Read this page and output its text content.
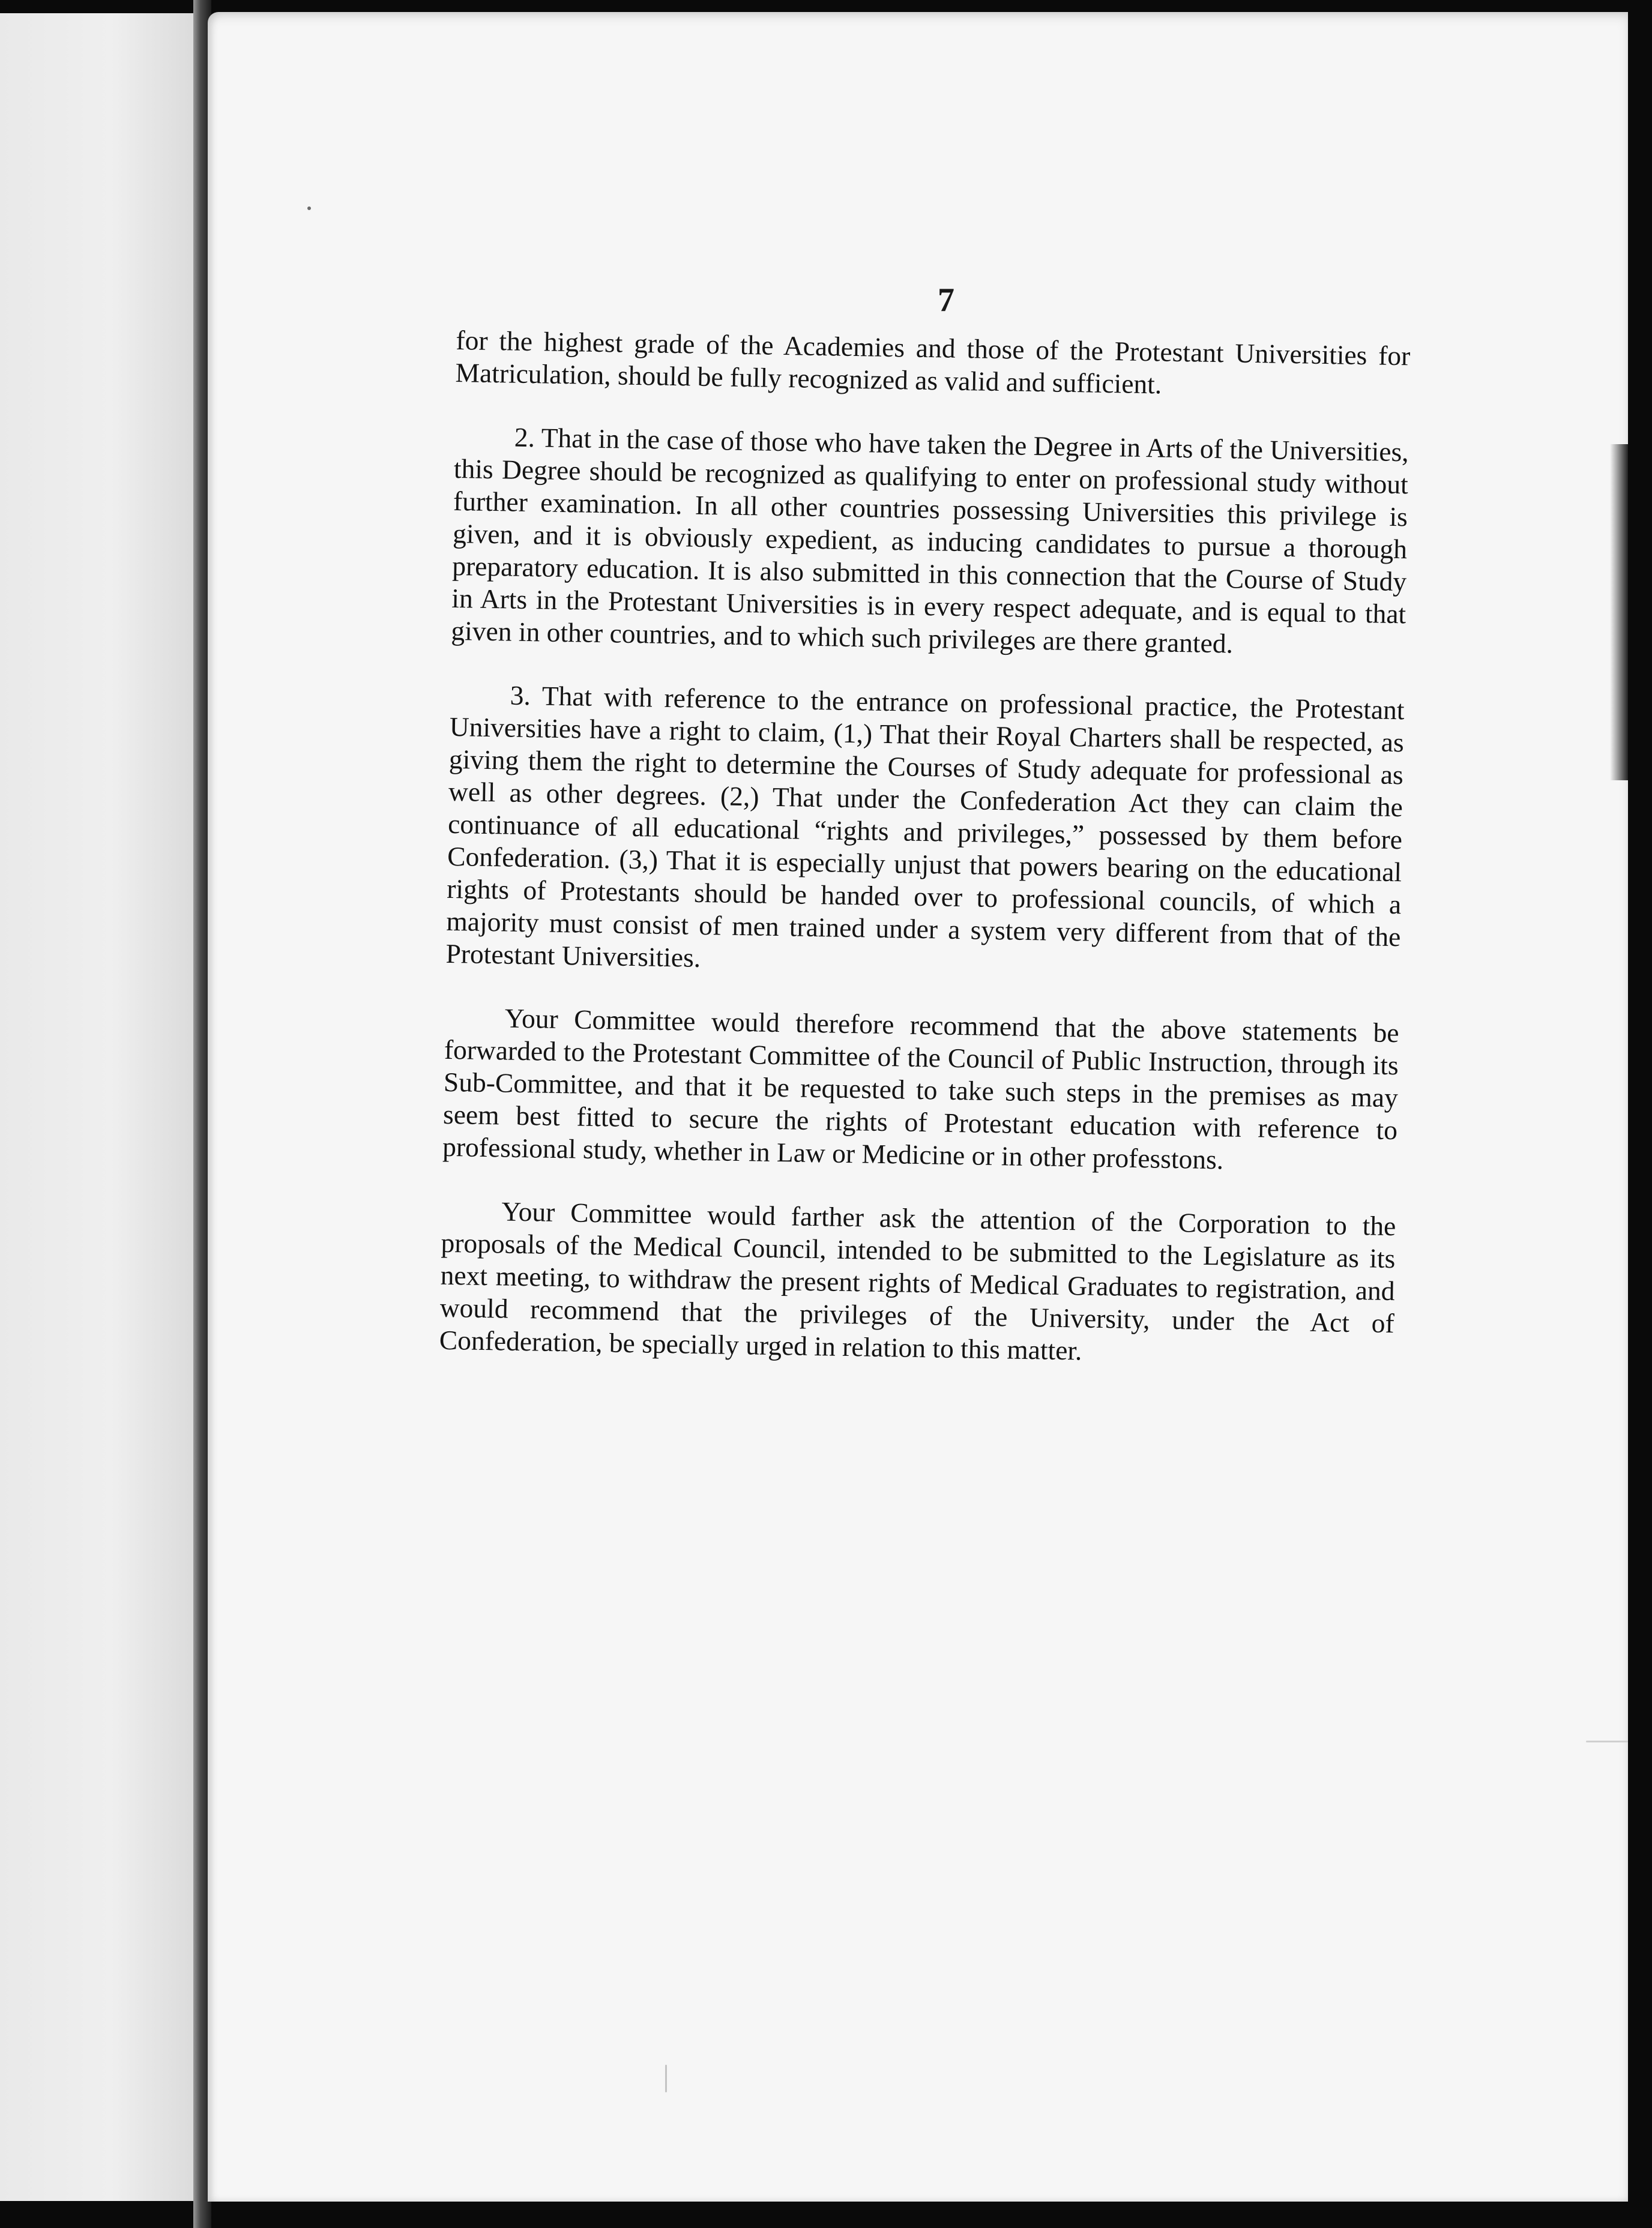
7

for the highest grade of the Academies and those of the Protestant Universities for Matriculation, should be fully recognized as valid and sufficient.

2. That in the case of those who have taken the Degree in Arts of the Universities, this Degree should be recognized as qualifying to enter on professional study without further examination. In all other countries possessing Universities this privilege is given, and it is obviously expedient, as inducing candidates to pursue a thorough preparatory education. It is also submitted in this connection that the Course of Study in Arts in the Protestant Universities is in every respect adequate, and is equal to that given in other countries, and to which such privileges are there granted.

3. That with reference to the entrance on professional practice, the Protestant Universities have a right to claim, (1,) That their Royal Charters shall be respected, as giving them the right to determine the Courses of Study adequate for professional as well as other degrees. (2,) That under the Confederation Act they can claim the continuance of all educational “rights and privileges,” possessed by them before Confederation. (3,) That it is especially unjust that powers bearing on the educational rights of Protestants should be handed over to professional councils, of which a majority must consist of men trained under a system very different from that of the Protestant Universities.

Your Committee would therefore recommend that the above statements be forwarded to the Protestant Committee of the Council of Public Instruction, through its Sub-Committee, and that it be requested to take such steps in the premises as may seem best fitted to secure the rights of Protestant education with reference to professional study, whether in Law or Medicine or in other professtons.

Your Committee would farther ask the attention of the Corporation to the proposals of the Medical Council, intended to be submitted to the Legislature as its next meeting, to withdraw the present rights of Medical Graduates to registration, and would recommend that the privileges of the University, under the Act of Confederation, be specially urged in relation to this matter.
